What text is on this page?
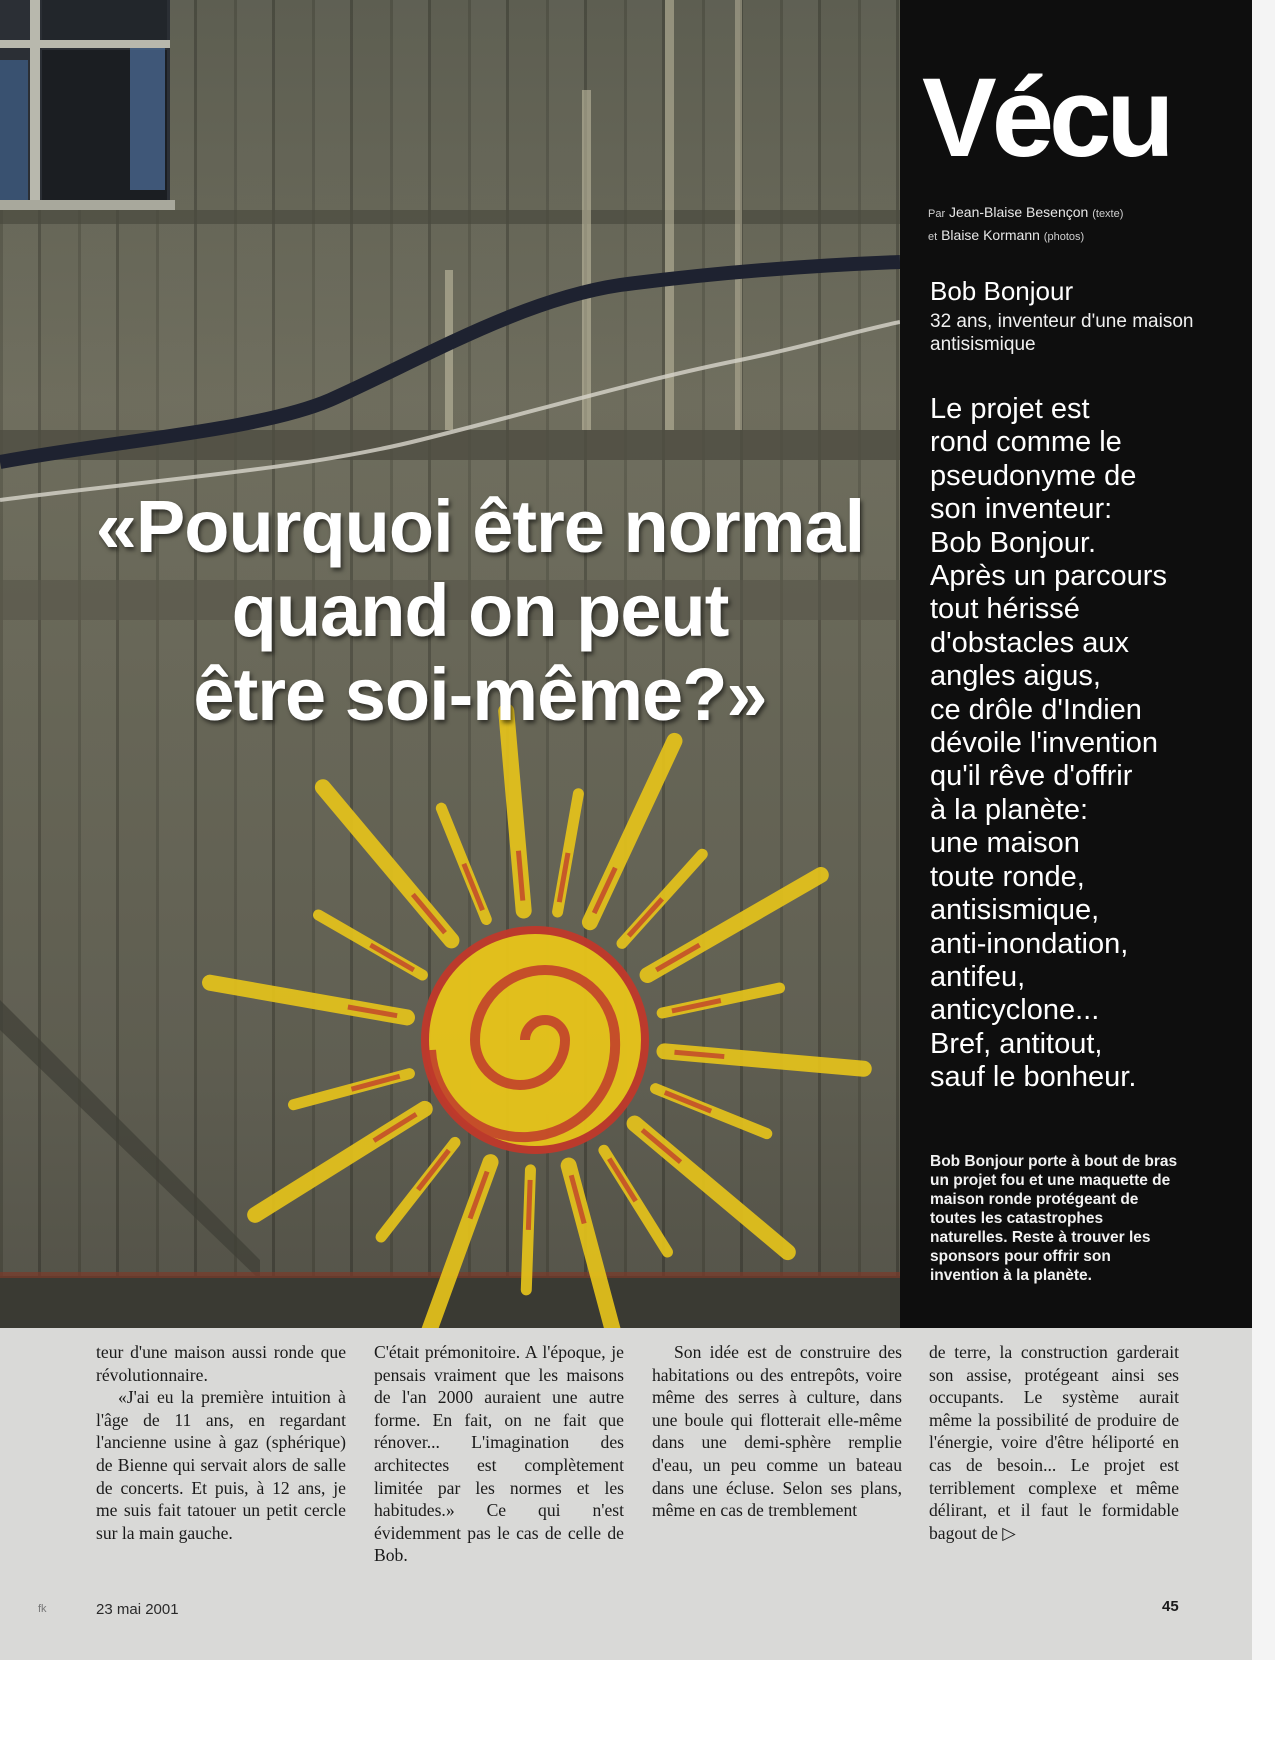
«Pourquoi être normal
quand on peut
être soi-même?»
Vécu
Par Jean-Blaise Besençon (texte)
et Blaise Kormann (photos)
Bob Bonjour
32 ans, inventeur d'une maison antisismique
Le projet est
rond comme le
pseudonyme de
son inventeur:
Bob Bonjour.
Après un parcours
tout hérissé
d'obstacles aux
angles aigus,
ce drôle d'Indien
dévoile l'invention
qu'il rêve d'offrir
à la planète:
une maison
toute ronde,
antisismique,
anti-inondation,
antifeu,
anticyclone...
Bref, antitout,
sauf le bonheur.
Bob Bonjour porte à bout de bras un projet fou et une maquette de maison ronde protégeant de toutes les catastrophes naturelles. Reste à trouver les sponsors pour offrir son invention à la planète.

teur d'une maison aussi ronde que révolutionnaire.

«J'ai eu la première intuition à l'âge de 11 ans, en regardant l'ancienne usine à gaz (sphérique) de Bienne qui servait alors de salle de concerts. Et puis, à 12 ans, je me suis fait tatouer un petit cercle sur la main gauche.

C'était prémonitoire. A l'époque, je pensais vraiment que les maisons de l'an 2000 auraient une autre forme. En fait, on ne fait que rénover... L'imagination des architectes est complètement limitée par les normes et les habitudes.» Ce qui n'est évidemment pas le cas de celle de Bob.

Son idée est de construire des habitations ou des entrepôts, voire même des serres à culture, dans une boule qui flotterait elle-même dans une demi-sphère remplie d'eau, un peu comme un bateau dans une écluse. Selon ses plans, même en cas de tremblement

de terre, la construction garderait son assise, protégeant ainsi ses occupants. Le système aurait même la possibilité de produire de l'énergie, voire d'être héliporté en cas de besoin... Le projet est terriblement complexe et même délirant, et il faut le formidable bagout de ▷

fk	23 mai 2001	45
